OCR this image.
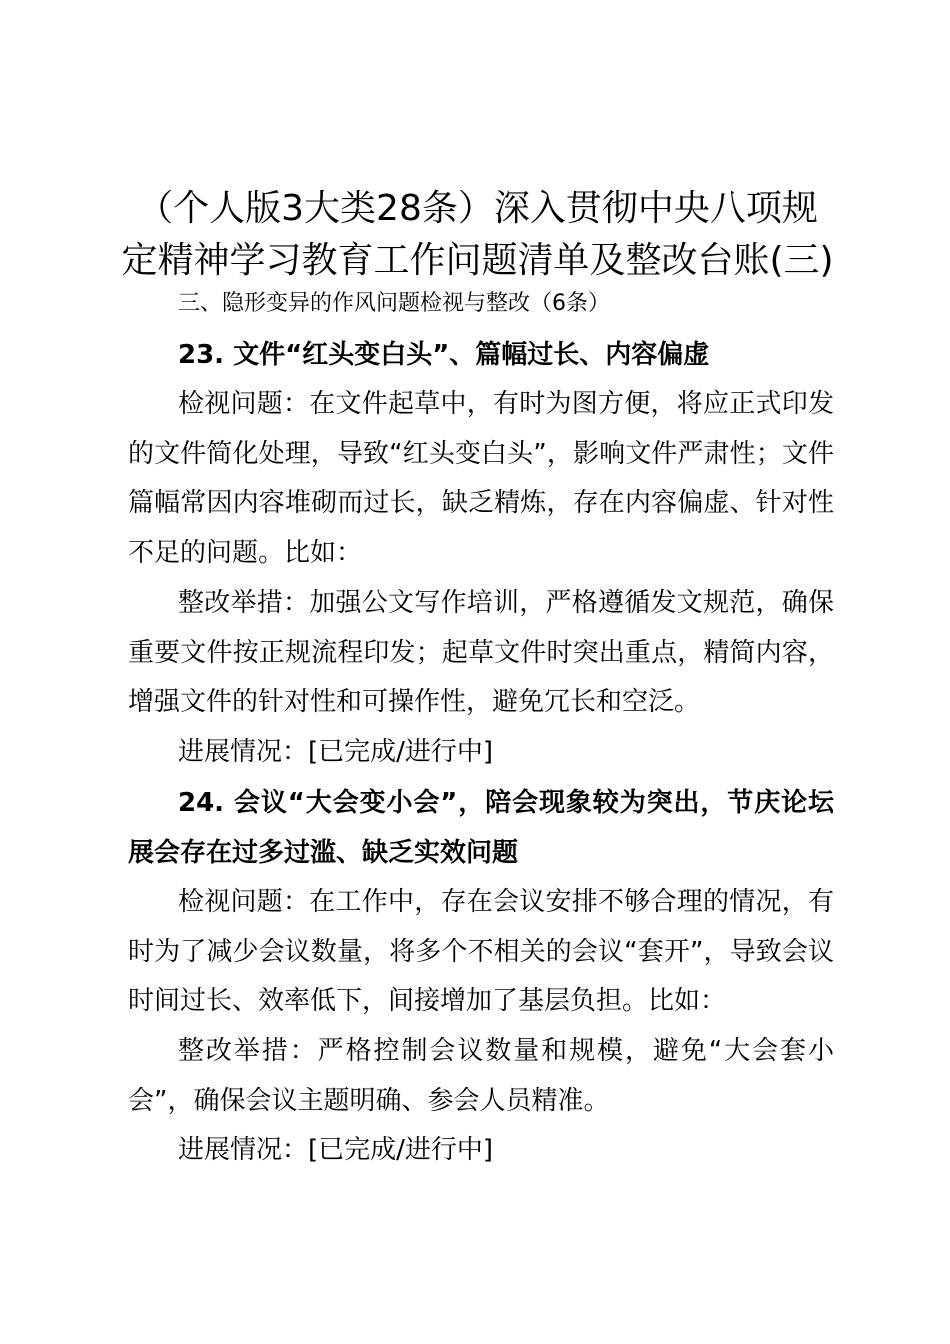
（个人版3大类28条）深入贯彻中央八项规定精神学习教育工作问题清单及整改台账(三)

三、隐形变异的作风问题检视与整改（6条）

23. 文件“红头变白头”、篇幅过长、内容偏虚

检视问题：在文件起草中，有时为图方便，将应正式印发的文件简化处理，导致“红头变白头”，影响文件严肃性；文件篇幅常因内容堆砌而过长，缺乏精炼，存在内容偏虚、针对性不足的问题。比如：

整改举措：加强公文写作培训，严格遵循发文规范，确保重要文件按正规流程印发；起草文件时突出重点，精简内容，增强文件的针对性和可操作性，避免冗长和空泛。

进展情况：[已完成/进行中]

24. 会议“大会变小会”，陪会现象较为突出，节庆论坛展会存在过多过滥、缺乏实效问题

检视问题：在工作中，存在会议安排不够合理的情况，有时为了减少会议数量，将多个不相关的会议“套开”，导致会议时间过长、效率低下，间接增加了基层负担。比如：

整改举措：严格控制会议数量和规模，避免“大会套小会”，确保会议主题明确、参会人员精准。

进展情况：[已完成/进行中]
